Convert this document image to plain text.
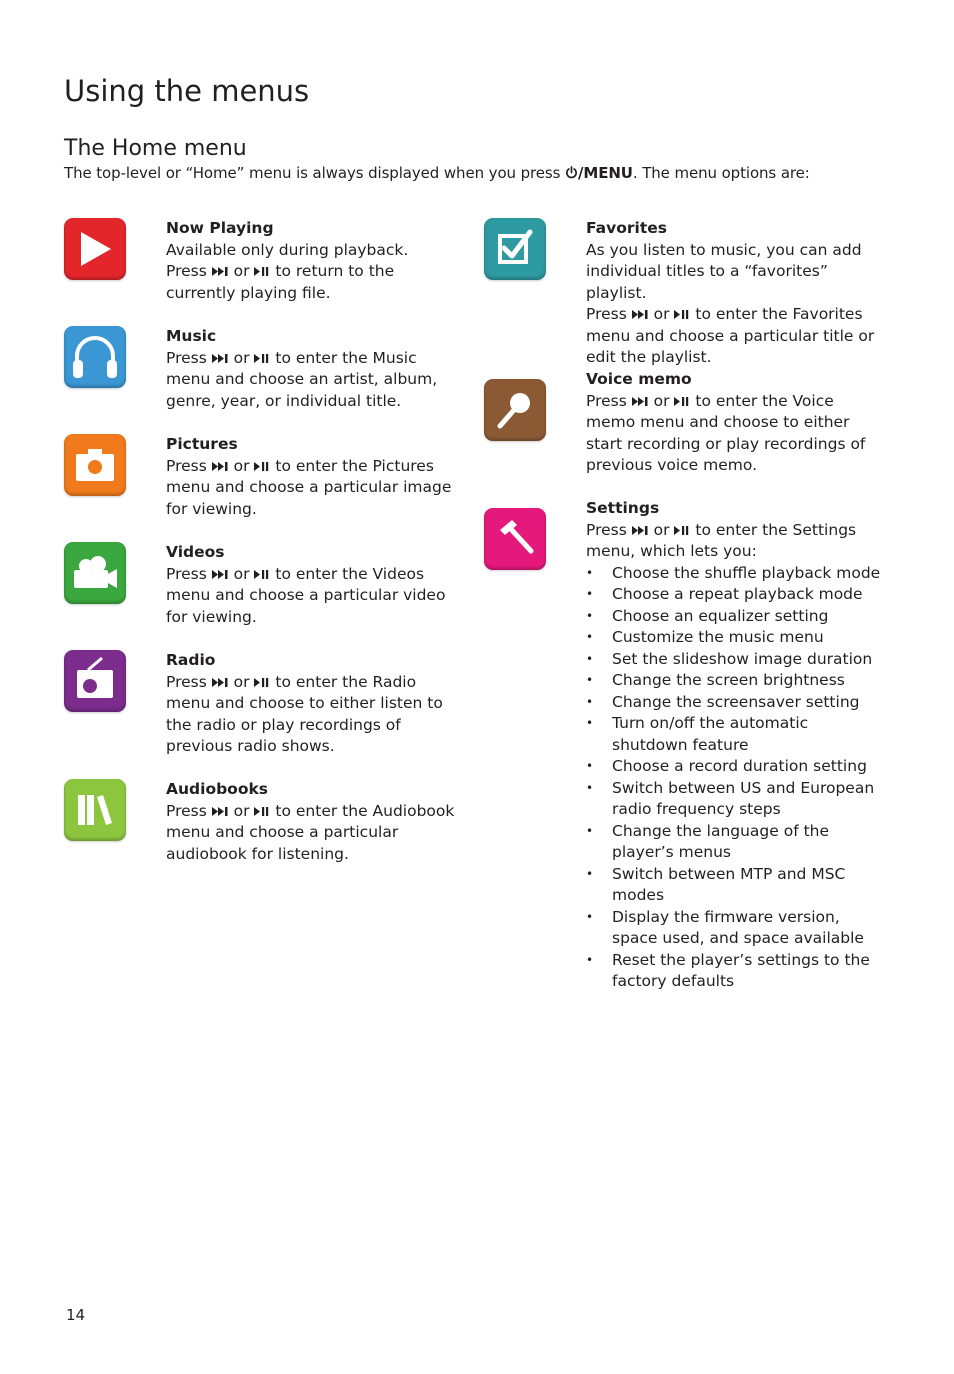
Using the menus
The Home menu

The top-level or “Home” menu is always displayed when you press /MENU. The menu options are:

Now Playing

Available only during playback.

Press or to return to the currently playing file.

Music

Press or to enter the Music menu and choose an artist, album, genre, year, or individual title.

Pictures

Press or to enter the Pictures menu and choose a particular image for viewing.

Videos

Press or to enter the Videos menu and choose a particular video for viewing.

Radio

Press or to enter the Radio menu and choose to either listen to the radio or play recordings of previous radio shows.

Audiobooks

Press or to enter the Audiobook menu and choose a particular audiobook for listening.

Favorites

As you listen to music, you can add individual titles to a “favorites” playlist.

Press or to enter the Favorites menu and choose a particular title or edit the playlist.

Voice memo

Press or to enter the Voice memo menu and choose to either start recording or play recordings of previous voice memo.

Settings

Press or to enter the Settings menu, which lets you:

• Choose the shuffle playback mode
• Choose a repeat playback mode
• Choose an equalizer setting
• Customize the music menu
• Set the slideshow image duration
• Change the screen brightness
• Change the screensaver setting
• Turn on/off the automatic shutdown feature
• Choose a record duration setting
• Switch between US and European radio frequency steps
• Change the language of the player’s menus
• Switch between MTP and MSC modes
• Display the firmware version, space used, and space available
• Reset the player’s settings to the factory defaults

14
